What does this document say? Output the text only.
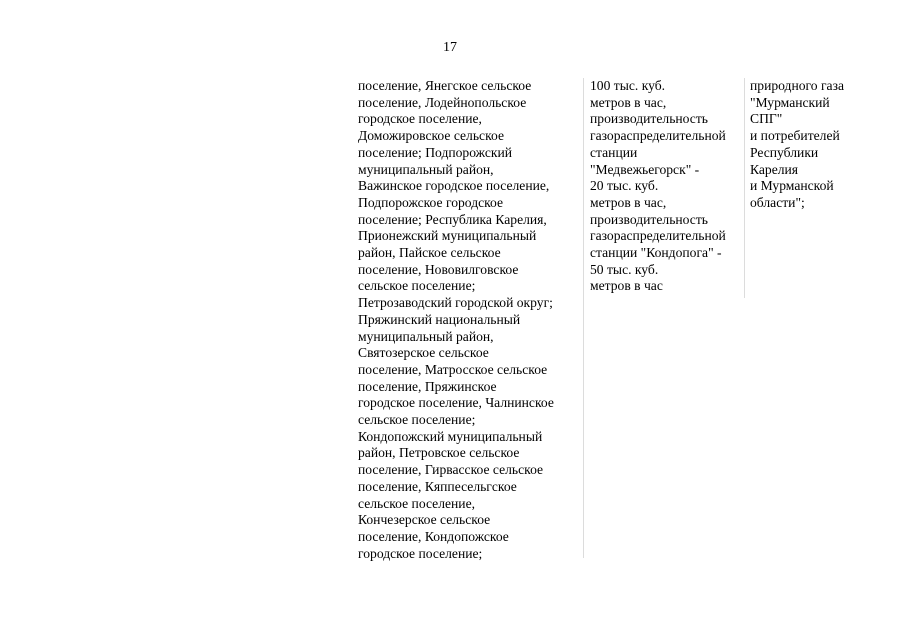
17
поселение, Янегское сельское
поселение, Лодейнопольское
городское поселение,
Доможировское сельское
поселение; Подпорожский
муниципальный район,
Важинское городское поселение,
Подпорожское городское
поселение; Республика Карелия,
Прионежский муниципальный
район, Пайское сельское
поселение, Нововилговское
сельское поселение;
Петрозаводский городской округ;
Пряжинский национальный
муниципальный район,
Святозерское сельское
поселение, Матросское сельское
поселение, Пряжинское
городское поселение, Чалнинское
сельское поселение;
Кондопожский муниципальный
район, Петровское сельское
поселение, Гирвасское сельское
поселение, Кяппесельгское
сельское поселение,
Кончезерское сельское
поселение, Кондопожское
городское поселение;
100 тыс. куб.
метров в час,
производительность
газораспределительной
станции
"Медвежьегорск" -
20 тыс. куб.
метров в час,
производительность
газораспределительной
станции "Кондопога" -
50 тыс. куб.
метров в час
природного газа
"Мурманский
СПГ"
и потребителей
Республики
Карелия
и Мурманской
области";
